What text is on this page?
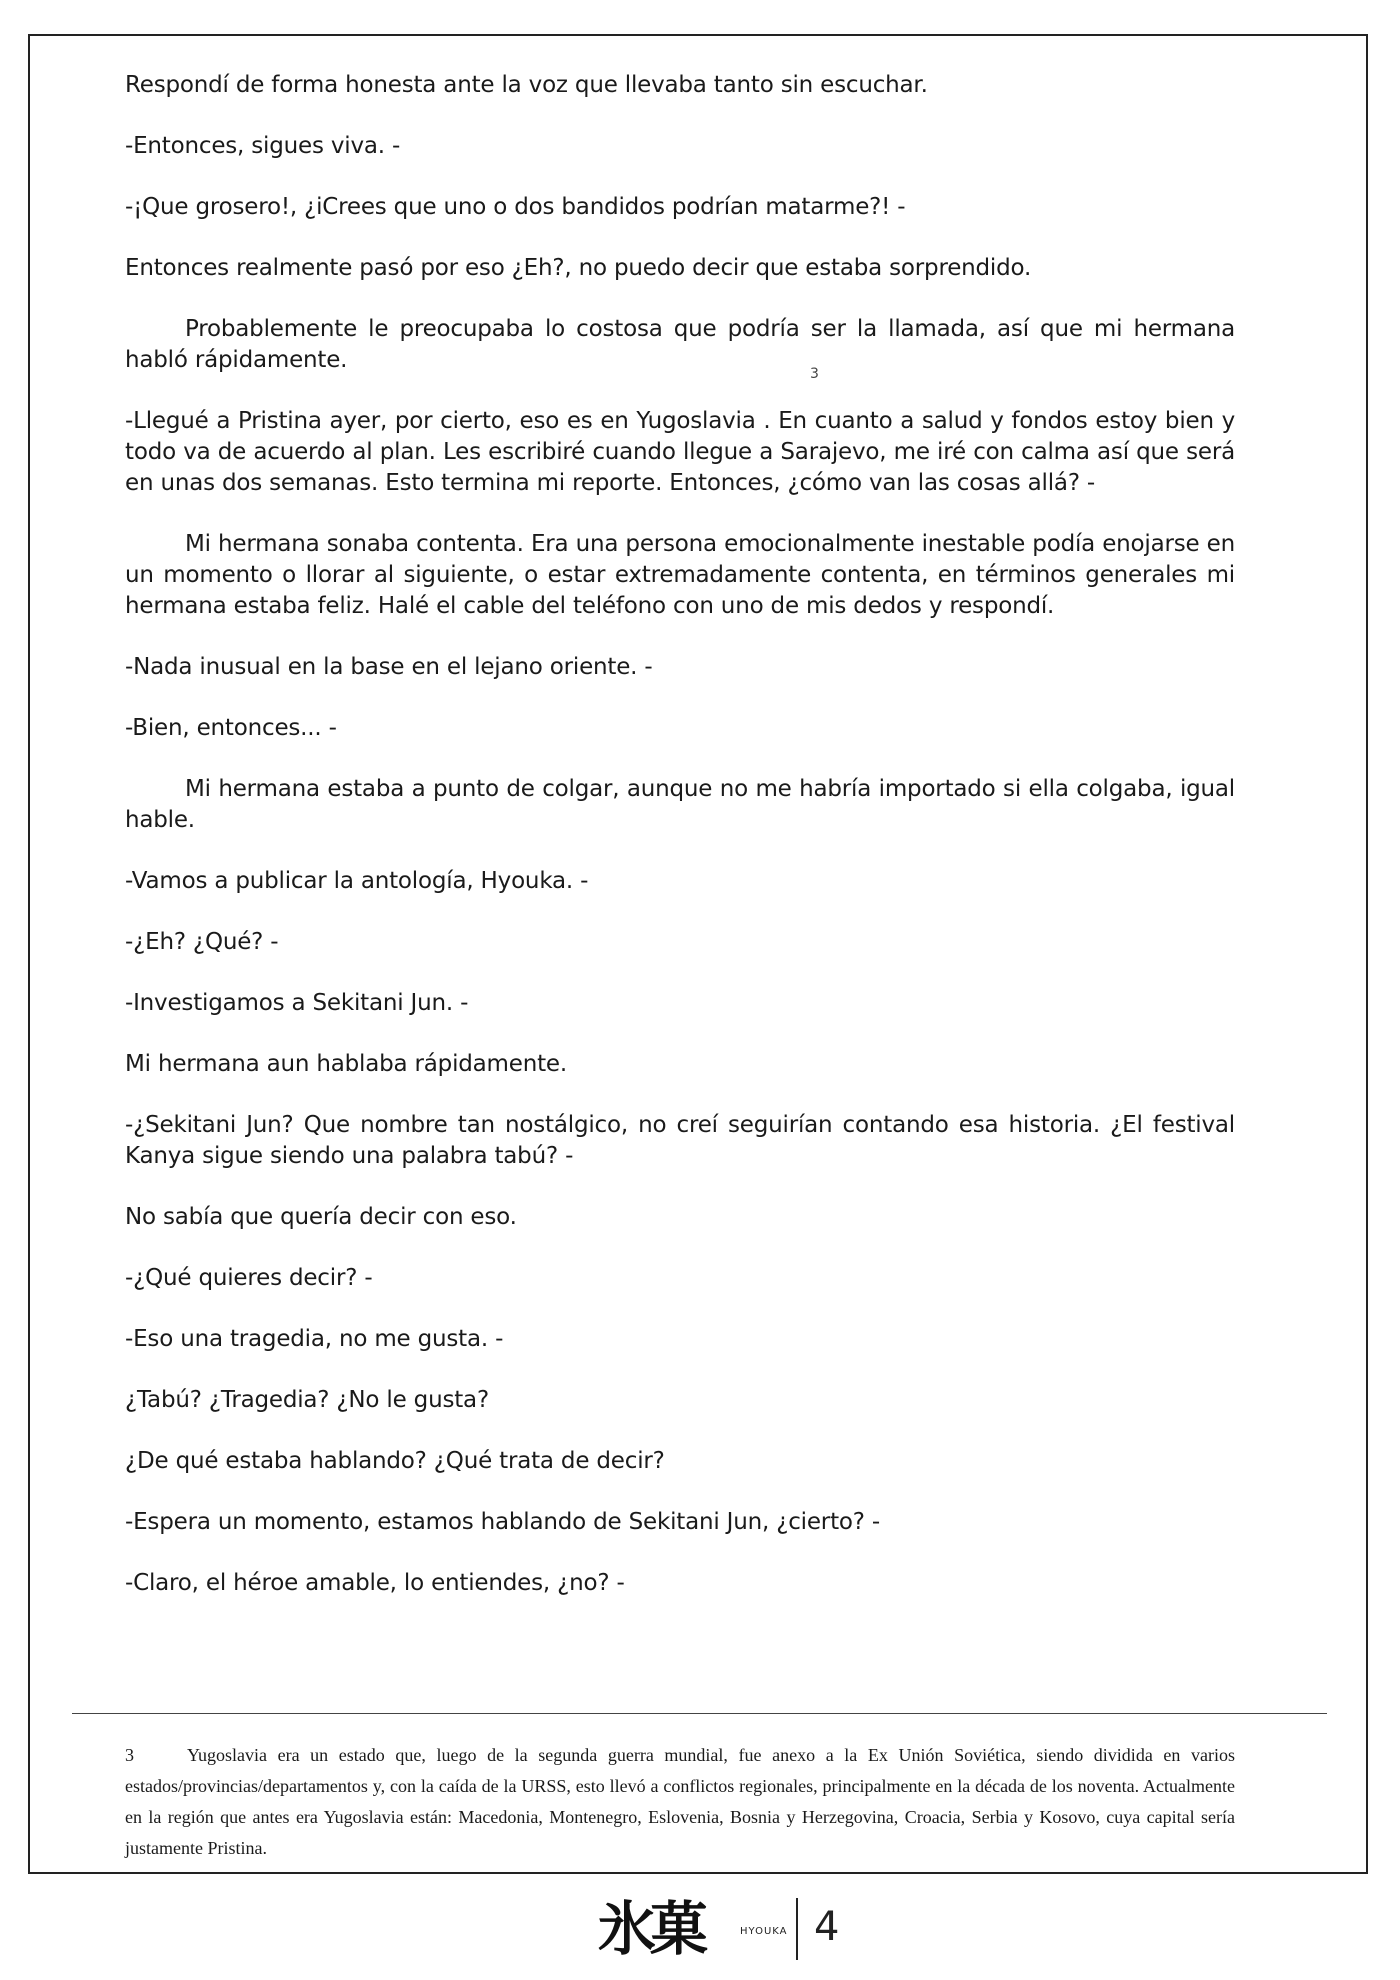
Respondí de forma honesta ante la voz que llevaba tanto sin escuchar.

-Entonces, sigues viva. -

-¡Que grosero!, ¿iCrees que uno o dos bandidos podrían matarme?! -

Entonces realmente pasó por eso ¿Eh?, no puedo decir que estaba sorprendido.

Probablemente le preocupaba lo costosa que podría ser la llamada, así que mi hermana habló rápidamente.

-Llegué a Pristina ayer, por cierto, eso es en Yugoslavia . En cuanto a salud y fondos estoy bien y todo va de acuerdo al plan. Les escribiré cuando llegue a Sarajevo, me iré con calma así que será en unas dos semanas. Esto termina mi reporte. Entonces, ¿cómo van las cosas allá? -

Mi hermana sonaba contenta. Era una persona emocionalmente inestable podía enojarse en un momento o llorar al siguiente, o estar extremadamente contenta, en términos generales mi hermana estaba feliz. Halé el cable del teléfono con uno de mis dedos y respondí.

-Nada inusual en la base en el lejano oriente. -

-Bien, entonces... -

Mi hermana estaba a punto de colgar, aunque no me habría importado si ella colgaba, igual hable.

-Vamos a publicar la antología, Hyouka. -

-¿Eh? ¿Qué? -

-Investigamos a Sekitani Jun. -

Mi hermana aun hablaba rápidamente.

-¿Sekitani Jun? Que nombre tan nostálgico, no creí seguirían contando esa historia. ¿El festival Kanya sigue siendo una palabra tabú? -

No sabía que quería decir con eso.

-¿Qué quieres decir? -

-Eso una tragedia, no me gusta. -

¿Tabú? ¿Tragedia? ¿No le gusta?

¿De qué estaba hablando? ¿Qué trata de decir?

-Espera un momento, estamos hablando de Sekitani Jun, ¿cierto? -

-Claro, el héroe amable, lo entiendes, ¿no? -

3
3	Yugoslavia era un estado que, luego de la segunda guerra mundial, fue anexo a la Ex Unión Soviética, siendo dividida en varios estados/provincias/departamentos y, con la caída de la URSS, esto llevó a conflictos regionales, principalmente en la década de los noventa. Actualmente en la región que antes era Yugoslavia están: Macedonia, Montenegro, Eslovenia, Bosnia y Herzegovina, Croacia, Serbia y Kosovo, cuya capital sería justamente Pristina.
氷菓	HYOUKA 4
